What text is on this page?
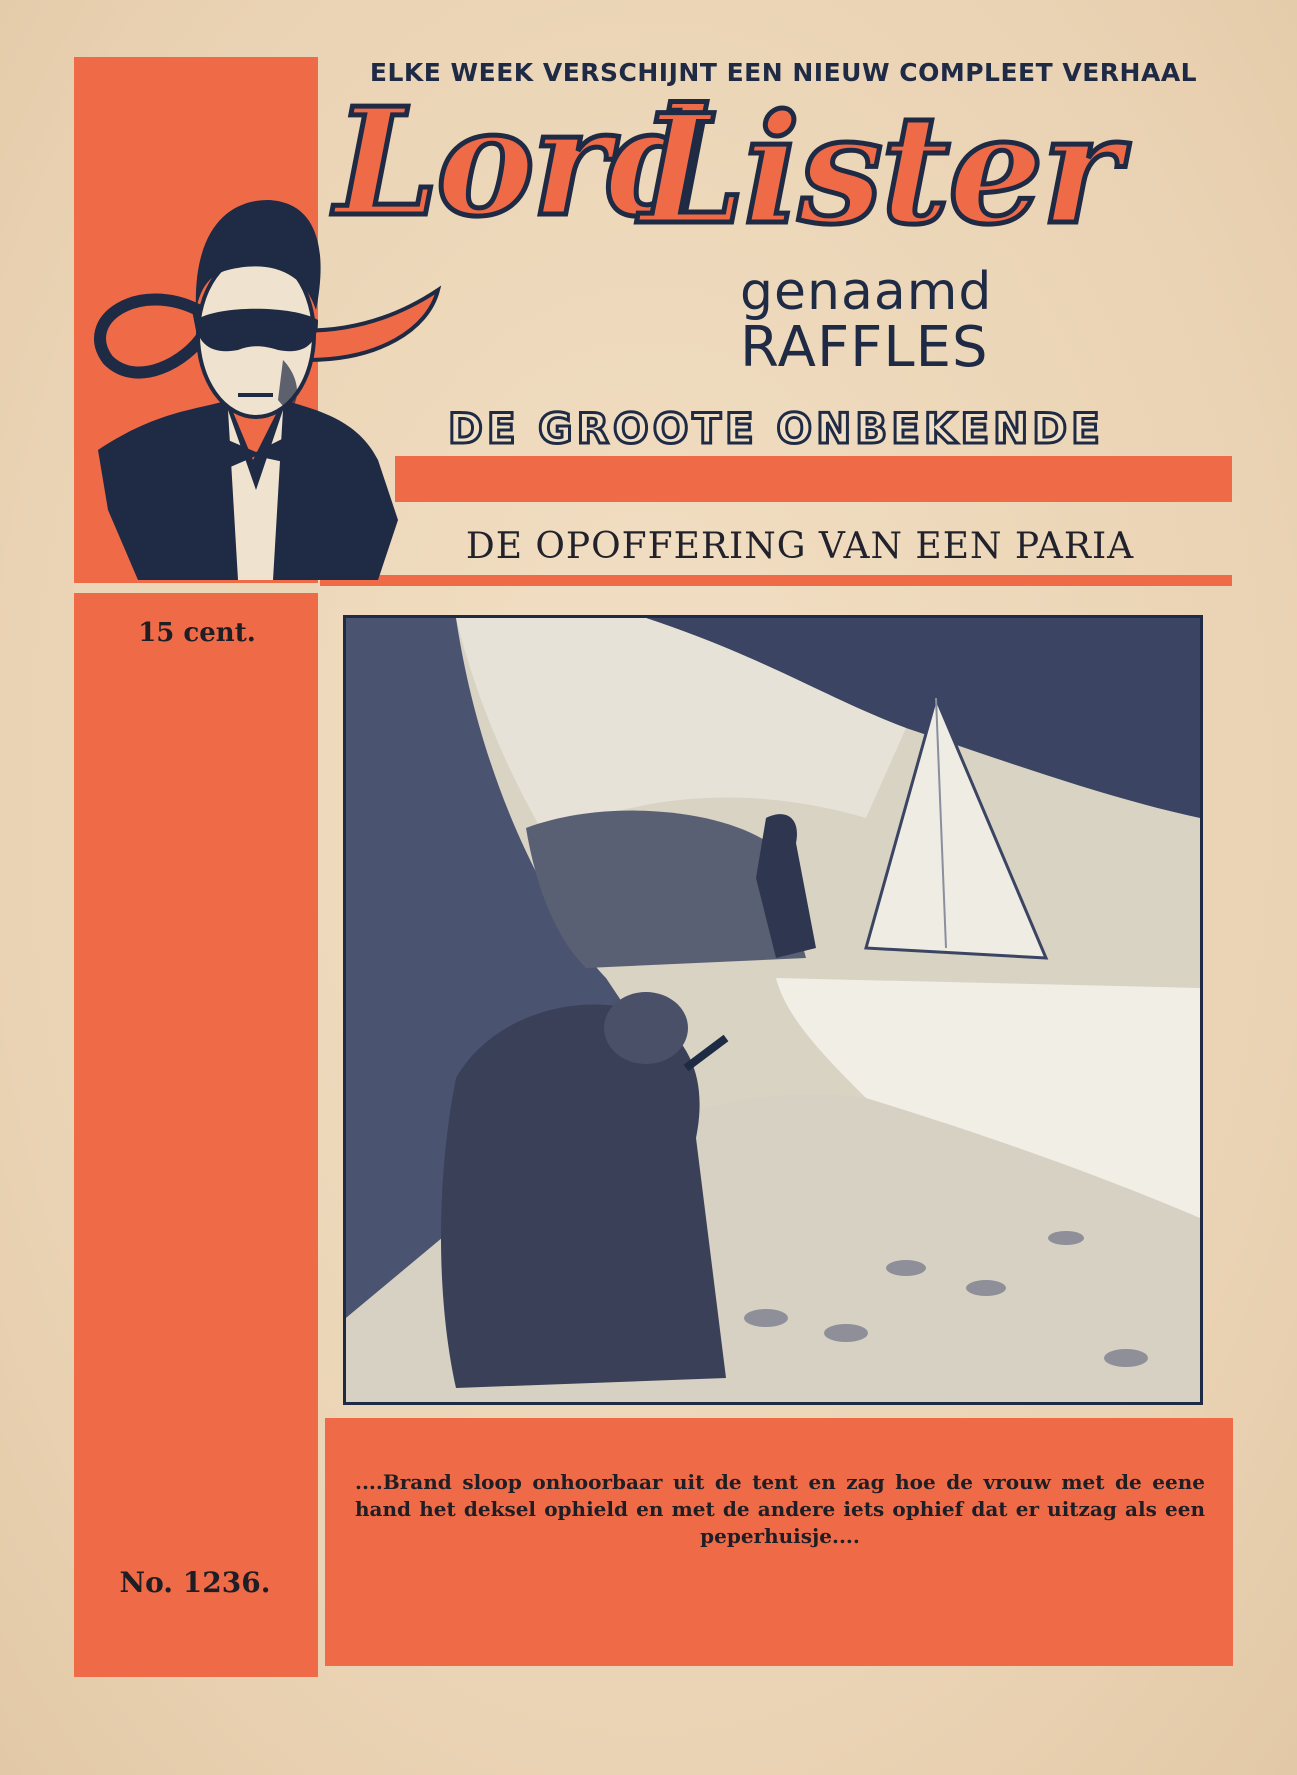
ELKE WEEK VERSCHIJNT EEN NIEUW COMPLEET VERHAAL
Lord
Lister
genaamd
RAFFLES
DE GROOTE ONBEKENDE
DE OPOFFERING VAN EEN PARIA
15 cent.
....Brand sloop onhoorbaar uit de tent en zag hoe de vrouw met de eene hand het deksel ophield en met de andere iets ophief dat er uitzag als een peperhuisje....
No. 1236.
